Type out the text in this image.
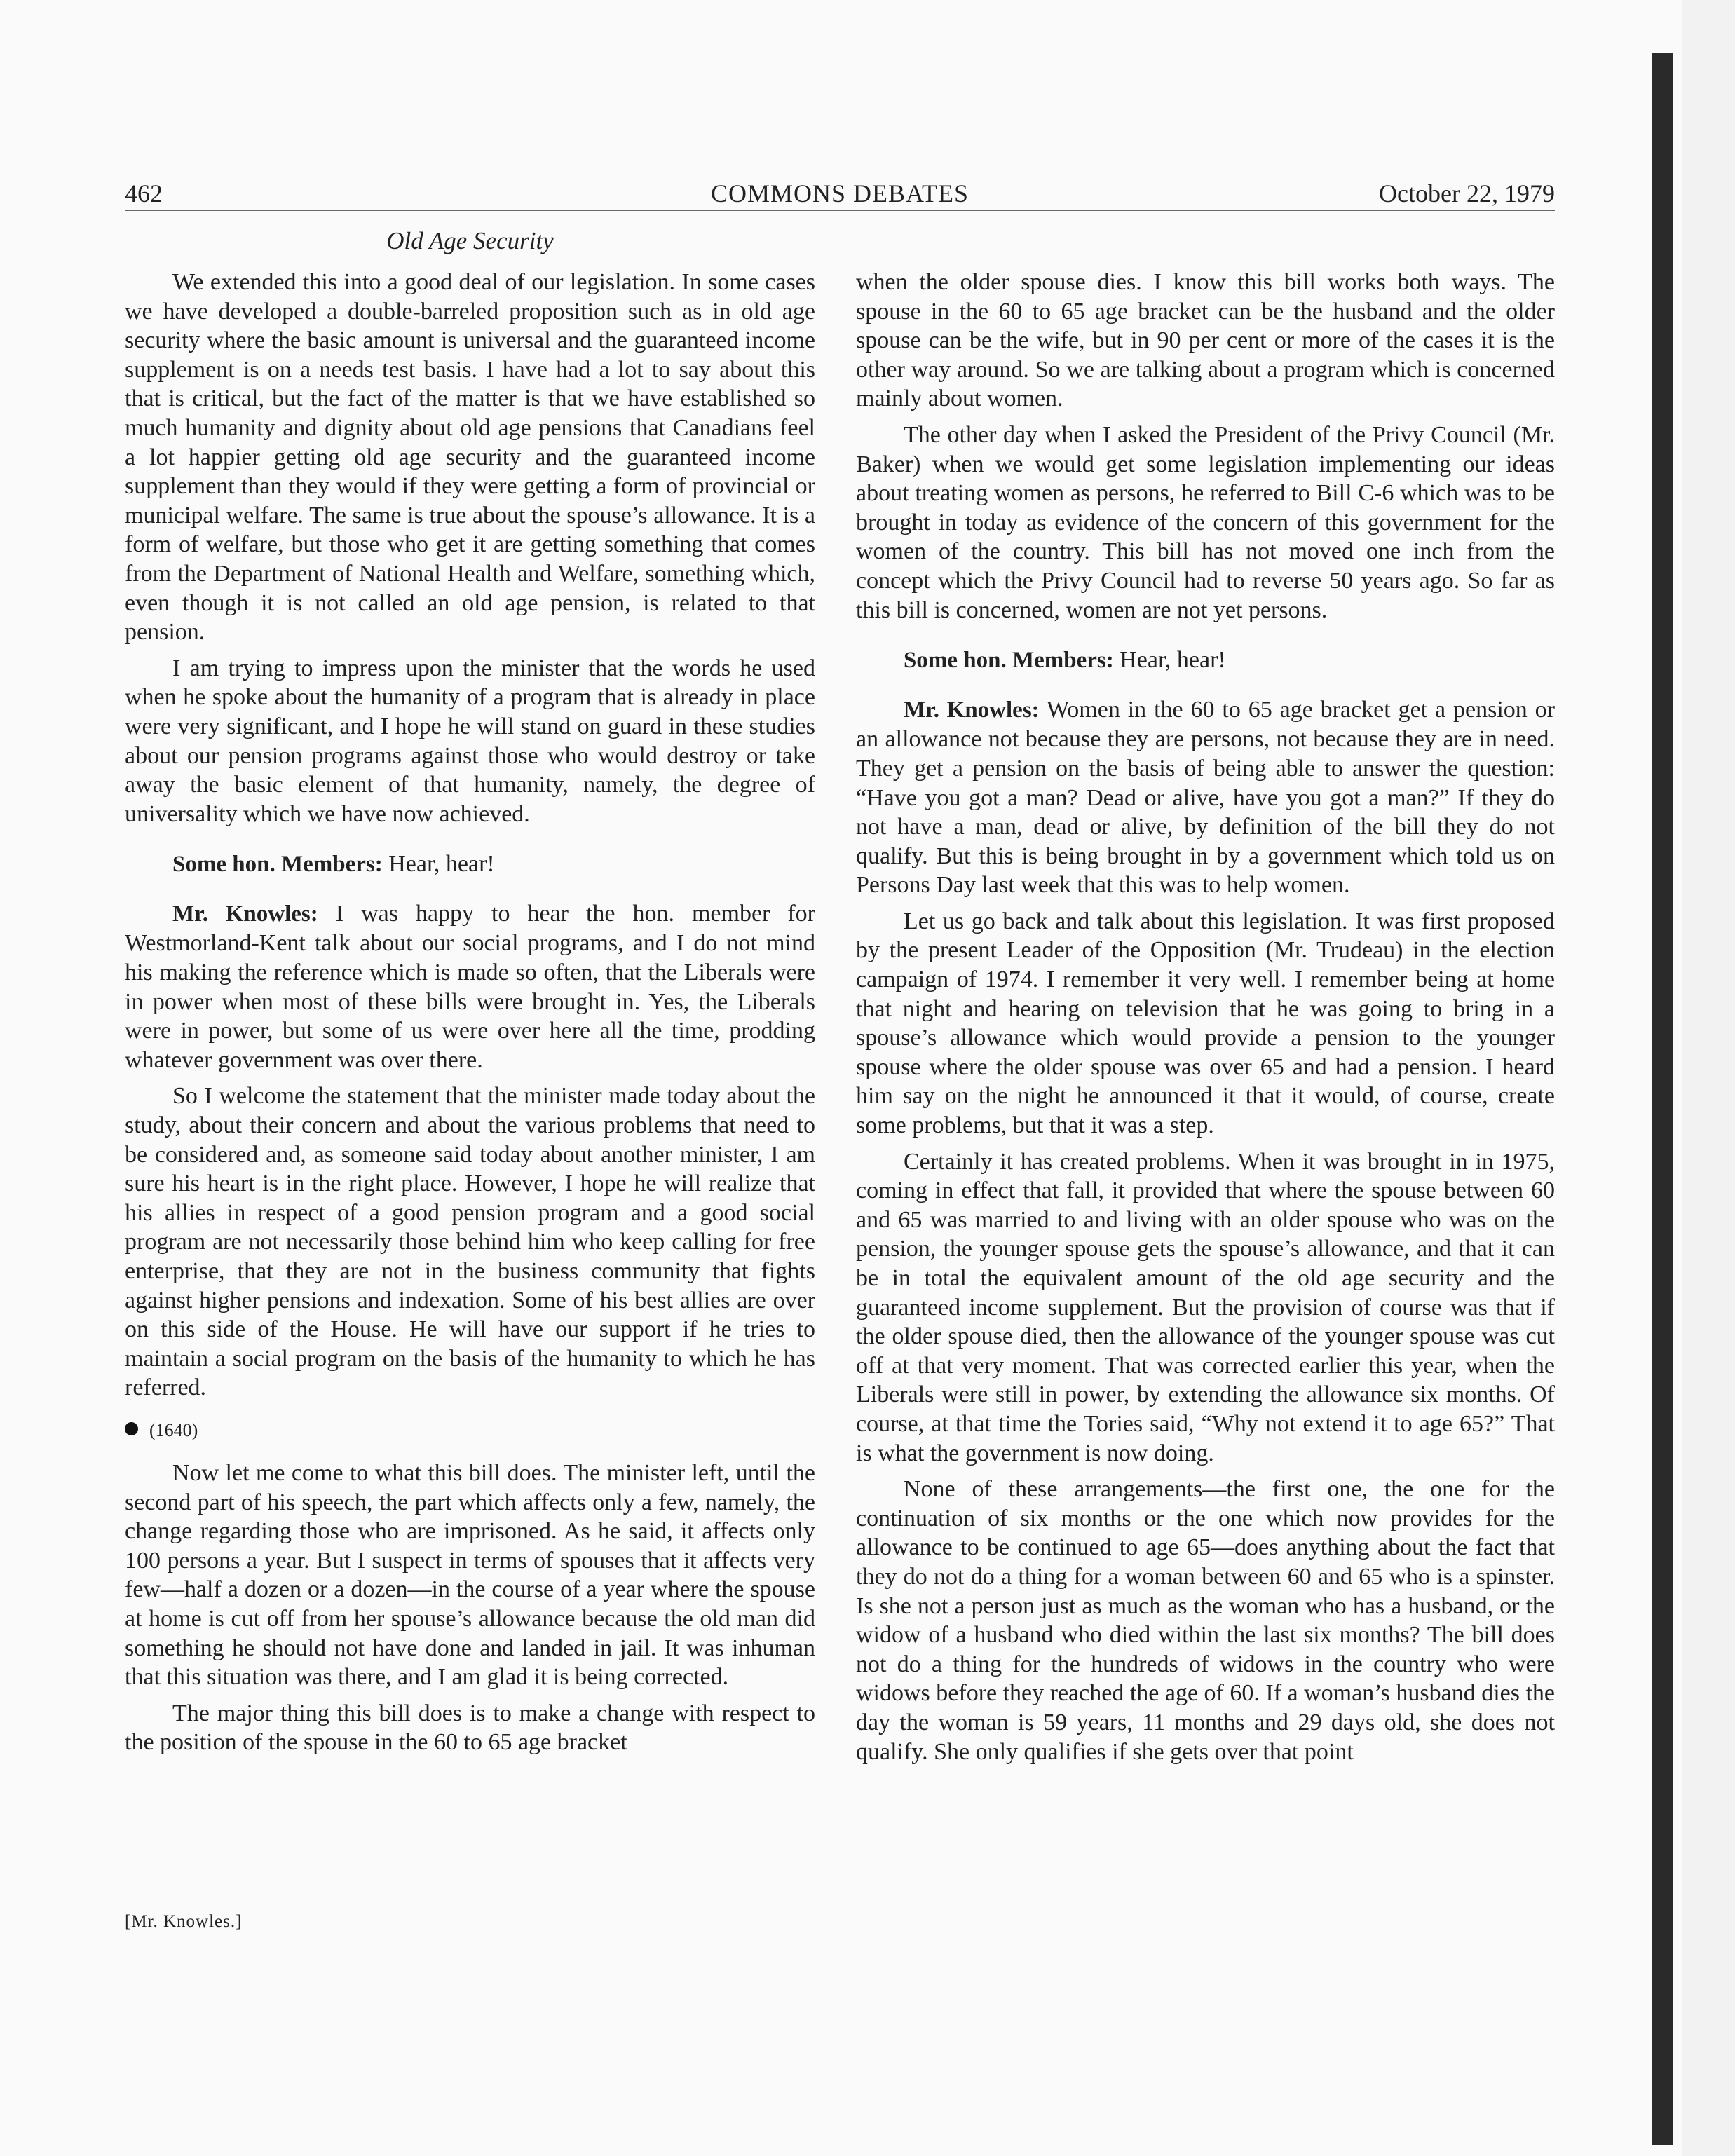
462	COMMONS DEBATES	October 22, 1979
Old Age Security

We extended this into a good deal of our legislation. In some cases we have developed a double-barreled proposition such as in old age security where the basic amount is universal and the guaranteed income supplement is on a needs test basis. I have had a lot to say about this that is critical, but the fact of the matter is that we have established so much humanity and dignity about old age pensions that Canadians feel a lot happier getting old age security and the guaranteed income supplement than they would if they were getting a form of provincial or municipal welfare. The same is true about the spouse’s allowance. It is a form of welfare, but those who get it are getting something that comes from the Department of National Health and Welfare, something which, even though it is not called an old age pension, is related to that pension.

I am trying to impress upon the minister that the words he used when he spoke about the humanity of a program that is already in place were very significant, and I hope he will stand on guard in these studies about our pension programs against those who would destroy or take away the basic element of that humanity, namely, the degree of universality which we have now achieved.

Some hon. Members: Hear, hear!

Mr. Knowles: I was happy to hear the hon. member for Westmorland-Kent talk about our social programs, and I do not mind his making the reference which is made so often, that the Liberals were in power when most of these bills were brought in. Yes, the Liberals were in power, but some of us were over here all the time, prodding whatever government was over there.

So I welcome the statement that the minister made today about the study, about their concern and about the various problems that need to be considered and, as someone said today about another minister, I am sure his heart is in the right place. However, I hope he will realize that his allies in respect of a good pension program and a good social program are not necessarily those behind him who keep calling for free enterprise, that they are not in the business community that fights against higher pensions and indexation. Some of his best allies are over on this side of the House. He will have our support if he tries to maintain a social program on the basis of the humanity to which he has referred.

(1640)

Now let me come to what this bill does. The minister left, until the second part of his speech, the part which affects only a few, namely, the change regarding those who are imprisoned. As he said, it affects only 100 persons a year. But I suspect in terms of spouses that it affects very few—half a dozen or a dozen—in the course of a year where the spouse at home is cut off from her spouse’s allowance because the old man did something he should not have done and landed in jail. It was inhuman that this situation was there, and I am glad it is being corrected.

The major thing this bill does is to make a change with respect to the position of the spouse in the 60 to 65 age bracket

when the older spouse dies. I know this bill works both ways. The spouse in the 60 to 65 age bracket can be the husband and the older spouse can be the wife, but in 90 per cent or more of the cases it is the other way around. So we are talking about a program which is concerned mainly about women.

The other day when I asked the President of the Privy Council (Mr. Baker) when we would get some legislation implementing our ideas about treating women as persons, he referred to Bill C-6 which was to be brought in today as evidence of the concern of this government for the women of the country. This bill has not moved one inch from the concept which the Privy Council had to reverse 50 years ago. So far as this bill is concerned, women are not yet persons.

Some hon. Members: Hear, hear!

Mr. Knowles: Women in the 60 to 65 age bracket get a pension or an allowance not because they are persons, not because they are in need. They get a pension on the basis of being able to answer the question: “Have you got a man? Dead or alive, have you got a man?” If they do not have a man, dead or alive, by definition of the bill they do not qualify. But this is being brought in by a government which told us on Persons Day last week that this was to help women.

Let us go back and talk about this legislation. It was first proposed by the present Leader of the Opposition (Mr. Trudeau) in the election campaign of 1974. I remember it very well. I remember being at home that night and hearing on television that he was going to bring in a spouse’s allowance which would provide a pension to the younger spouse where the older spouse was over 65 and had a pension. I heard him say on the night he announced it that it would, of course, create some problems, but that it was a step.

Certainly it has created problems. When it was brought in in 1975, coming in effect that fall, it provided that where the spouse between 60 and 65 was married to and living with an older spouse who was on the pension, the younger spouse gets the spouse’s allowance, and that it can be in total the equivalent amount of the old age security and the guaranteed income supplement. But the provision of course was that if the older spouse died, then the allowance of the younger spouse was cut off at that very moment. That was corrected earlier this year, when the Liberals were still in power, by extending the allowance six months. Of course, at that time the Tories said, “Why not extend it to age 65?” That is what the government is now doing.

None of these arrangements—the first one, the one for the continuation of six months or the one which now provides for the allowance to be continued to age 65—does anything about the fact that they do not do a thing for a woman between 60 and 65 who is a spinster. Is she not a person just as much as the woman who has a husband, or the widow of a husband who died within the last six months? The bill does not do a thing for the hundreds of widows in the country who were widows before they reached the age of 60. If a woman’s husband dies the day the woman is 59 years, 11 months and 29 days old, she does not qualify. She only qualifies if she gets over that point

[Mr. Knowles.]
